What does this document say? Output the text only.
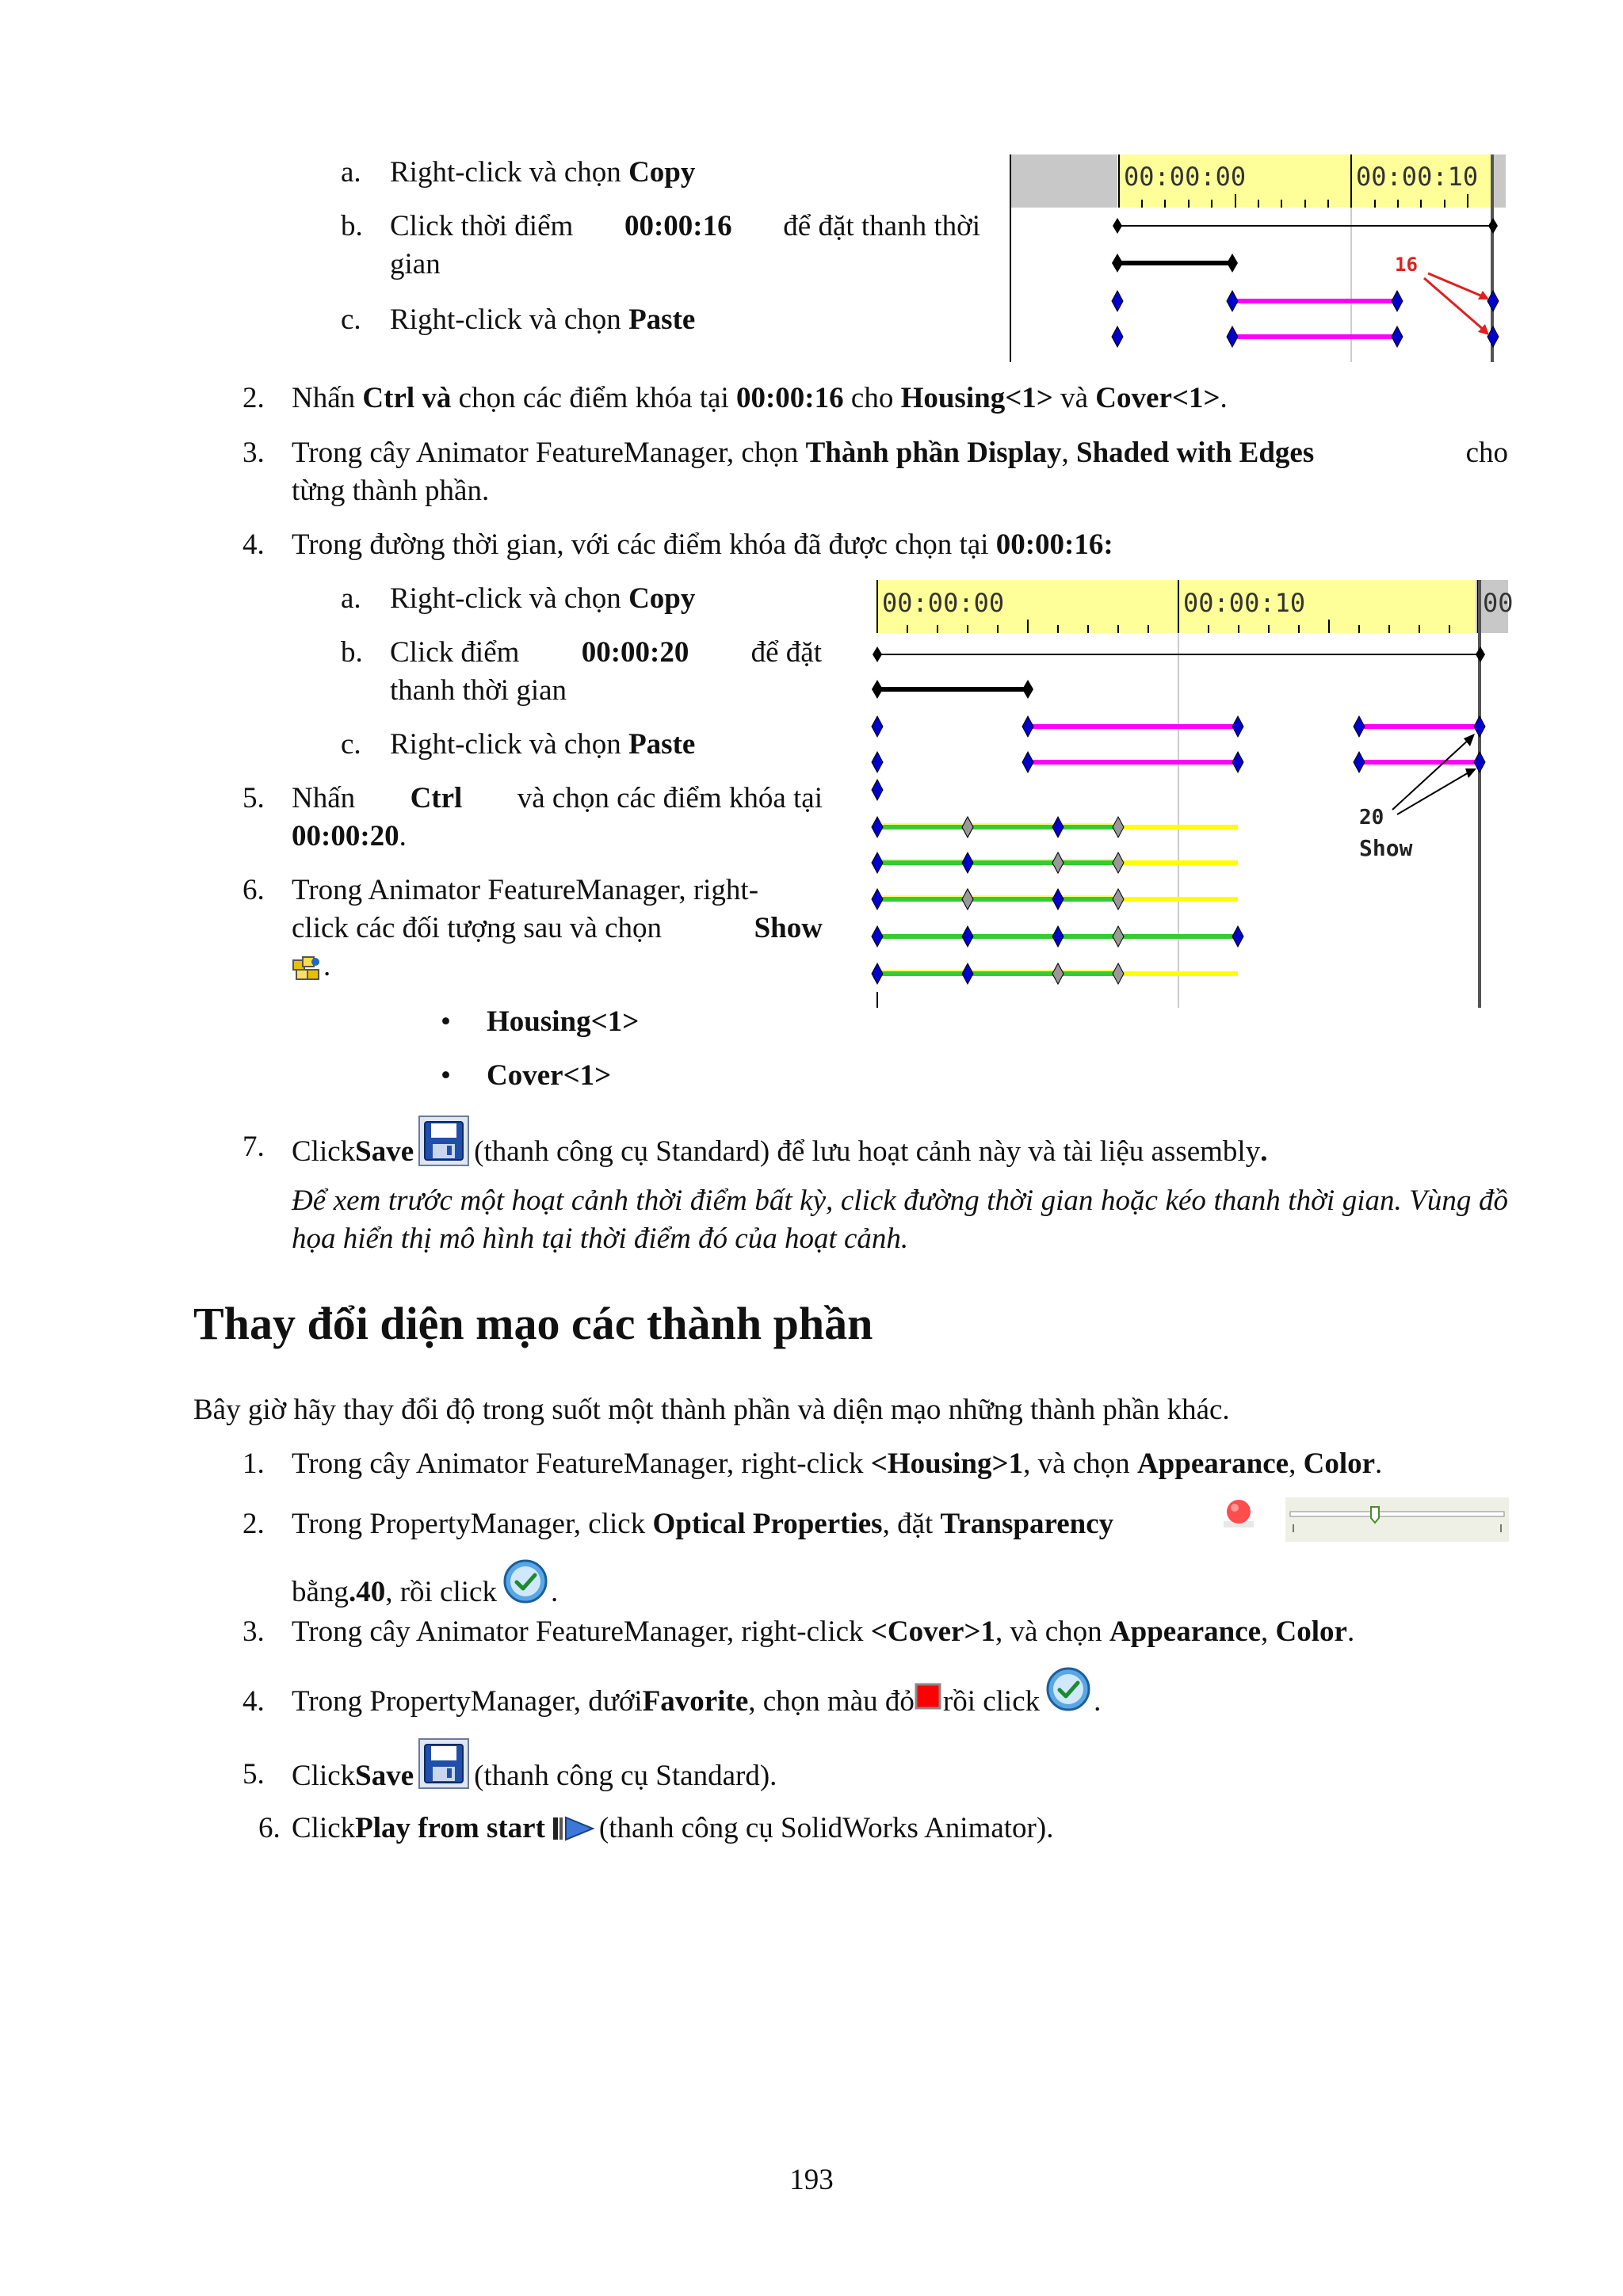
a. Right-click và chọn Copy
b. Click thời điểm 00:00:16 để đặt thanh thời
gian
c. Right-click và chọn Paste
00:00:00	00:00:10
16
2. Nhấn Ctrl và chọn các điểm khóa tại 00:00:16 cho Housing<1> và Cover<1>.
3. Trong cây Animator FeatureManager, chọn Thành phần Display, Shaded with Edges	cho
từng thành phần.
4. Trong đường thời gian, với các điểm khóa đã được chọn tại 00:00:16:
a. Right-click và chọn Copy
b. Click điểm 00:00:20 để đặt
thanh thời gian
c. Right-click và chọn Paste
5. Nhấn Ctrl và chọn các điểm khóa tại
00:00:20.
6. Trong Animator FeatureManager, right-
click các đối tượng sau và chọn	Show
.
• Housing<1>
• Cover<1>
00:00:00	00:00:10	00
20
Show
7. Click Save (thanh công cụ Standard) để lưu hoạt cảnh này và tài liệu assembly .
Để xem trước một hoạt cảnh thời điểm bất kỳ, click đường thời gian hoặc kéo thanh thời gian. Vùng đồ họa hiển thị mô hình tại thời điểm đó của hoạt cảnh.
Thay đổi diện mạo các thành phần
Bây giờ hãy thay đổi độ trong suốt một thành phần và diện mạo những thành phần khác.
1. Trong cây Animator FeatureManager, right-click <Housing>1, và chọn Appearance, Color.
2. Trong PropertyManager, click Optical Properties, đặt Transparency
bằng .40 , rồi click .
3. Trong cây Animator FeatureManager, right-click <Cover>1, và chọn Appearance, Color.
4. Trong PropertyManager, dưới Favorite , chọn màu đỏ rồi click .
5. Click Save (thanh công cụ Standard).
6. Click Play from start (thanh công cụ SolidWorks Animator).
193
